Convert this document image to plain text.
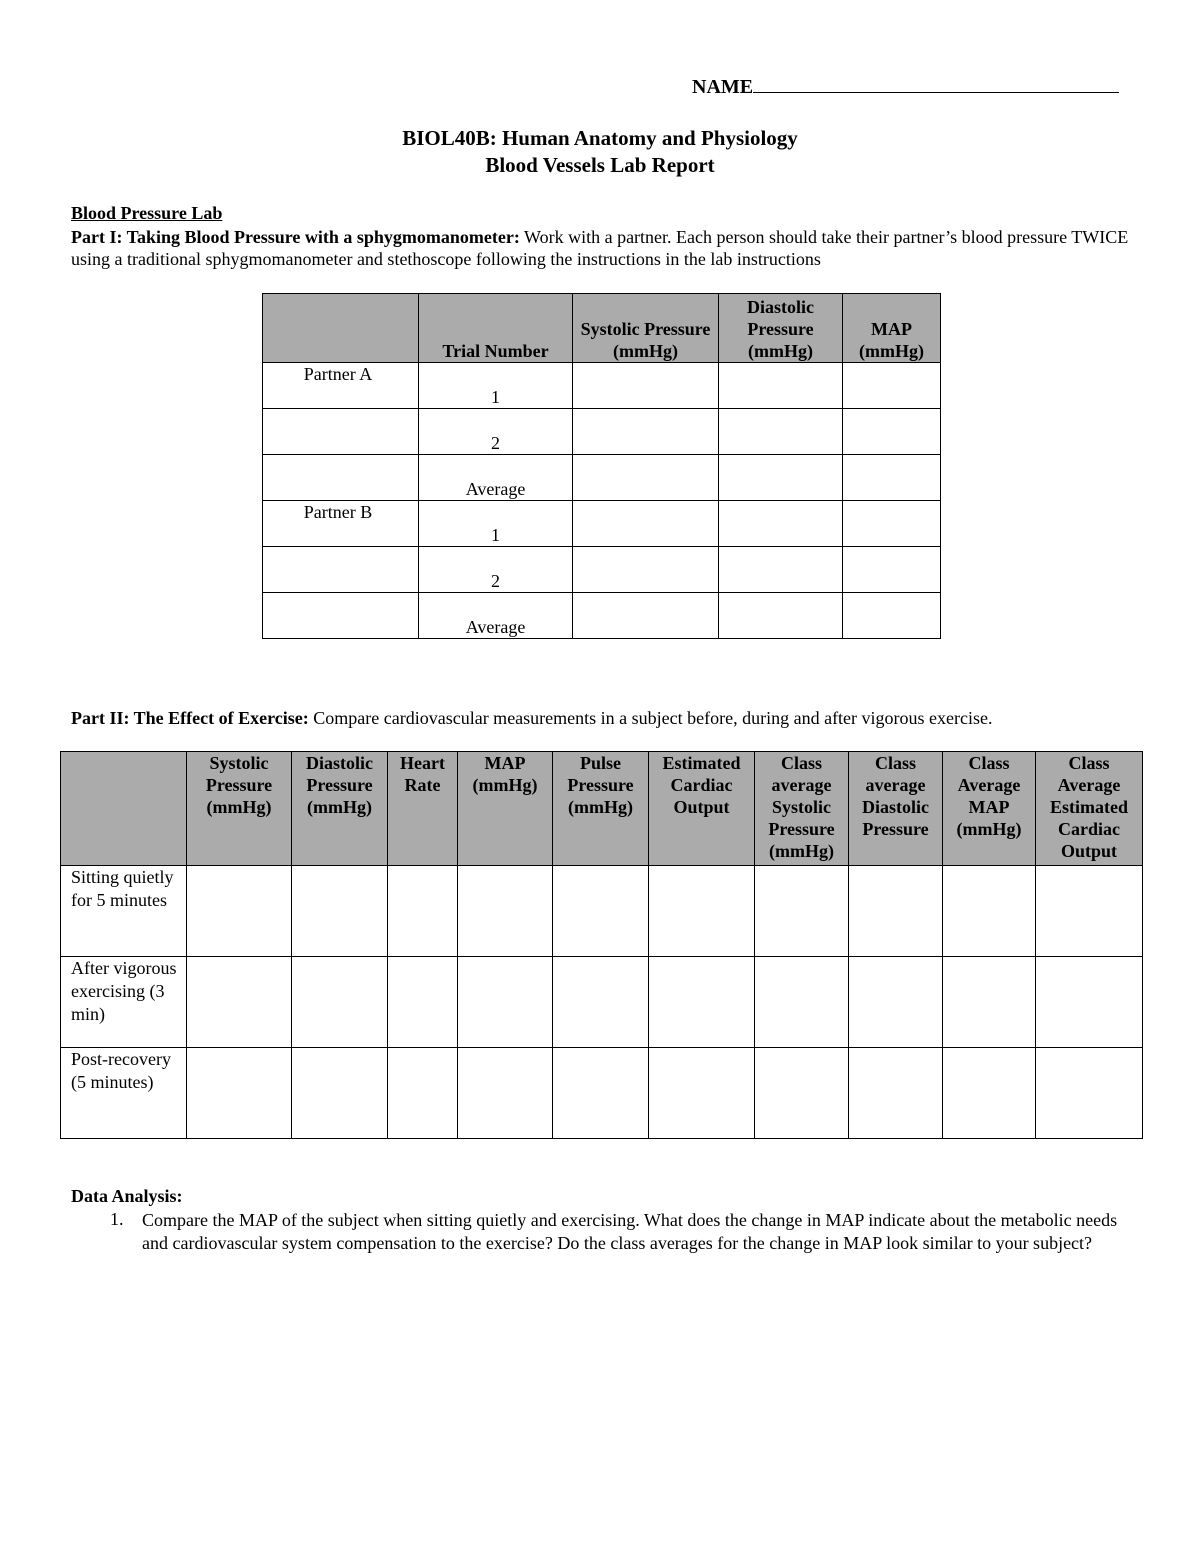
NAME
BIOL40B: Human Anatomy and Physiology
Blood Vessels Lab Report
Blood Pressure Lab
Part I: Taking Blood Pressure with a sphygmomanometer: Work with a partner. Each person should take their partner’s blood pressure TWICE using a traditional sphygmomanometer and stethoscope following the instructions in the lab instructions
	Trial Number	Systolic Pressure (mmHg)	Diastolic Pressure (mmHg)	MAP (mmHg)
Partner A	1			
	2			
	Average			
Partner B	1			
	2			
	Average			
Part II: The Effect of Exercise: Compare cardiovascular measurements in a subject before, during and after vigorous exercise.
	Systolic Pressure (mmHg)	Diastolic Pressure (mmHg)	Heart Rate	MAP (mmHg)	Pulse Pressure (mmHg)	Estimated Cardiac Output	Class average Systolic Pressure (mmHg)	Class average Diastolic Pressure	Class Average MAP (mmHg)	Class Average Estimated Cardiac Output
Sitting quietly for 5 minutes										
After vigorous exercising (3 min)										
Post-recovery (5 minutes)										
Data Analysis:
1. Compare the MAP of the subject when sitting quietly and exercising. What does the change in MAP indicate about the metabolic needs and cardiovascular system compensation to the exercise? Do the class averages for the change in MAP look similar to your subject?
